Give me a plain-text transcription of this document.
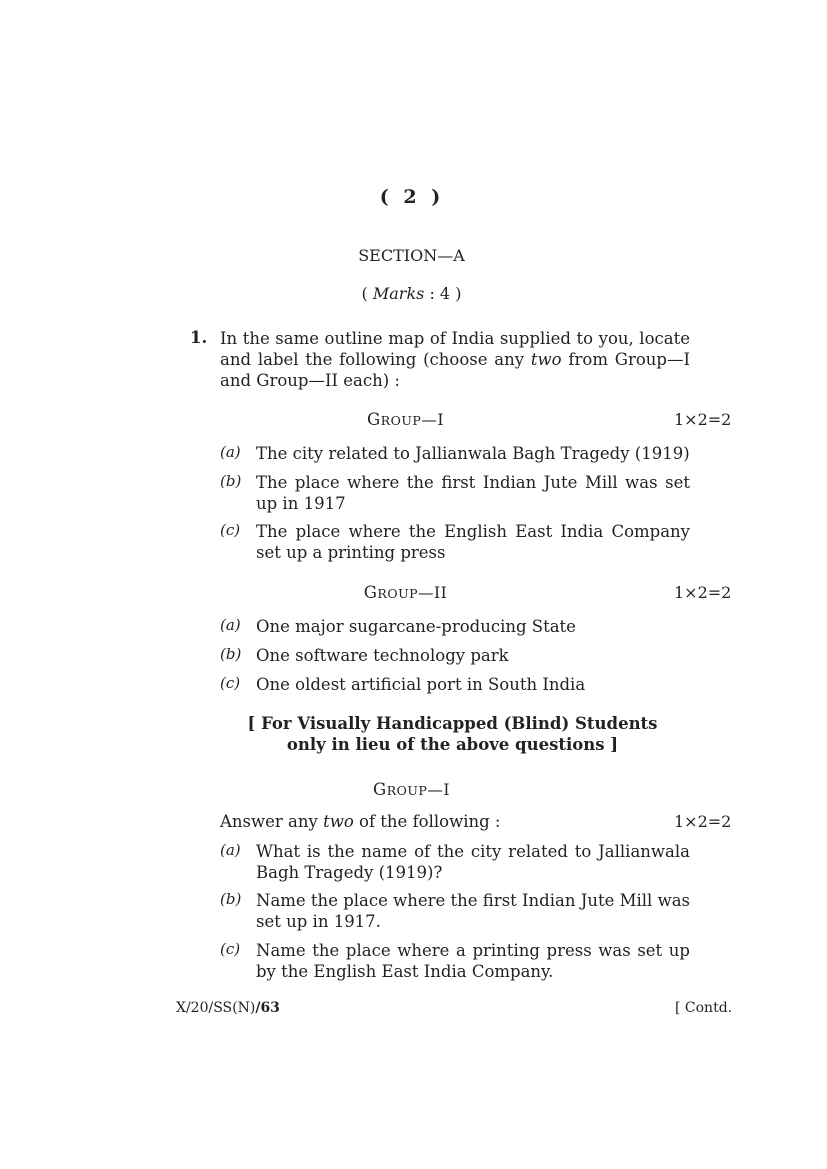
( 2 )
SECTION—A
( Marks : 4 )
1. In the same outline map of India supplied to you, locate and label the following (choose any two from Group—I and Group—II each) :
GROUP—I	1×2=2
(a) The city related to Jallianwala Bagh Tragedy (1919)
(b) The place where the first Indian Jute Mill was set up in 1917
(c) The place where the English East India Company set up a printing press
GROUP—II	1×2=2
(a) One major sugarcane-producing State
(b) One software technology park
(c) One oldest artificial port in South India
[ For Visually Handicapped (Blind) Students
only in lieu of the above questions ]
GROUP—I
Answer any two of the following :	1×2=2
(a) What is the name of the city related to Jallianwala Bagh Tragedy (1919)?
(b) Name the place where the first Indian Jute Mill was set up in 1917.
(c) Name the place where a printing press was set up by the English East India Company.
X/20/SS(N)/63	[ Contd.
